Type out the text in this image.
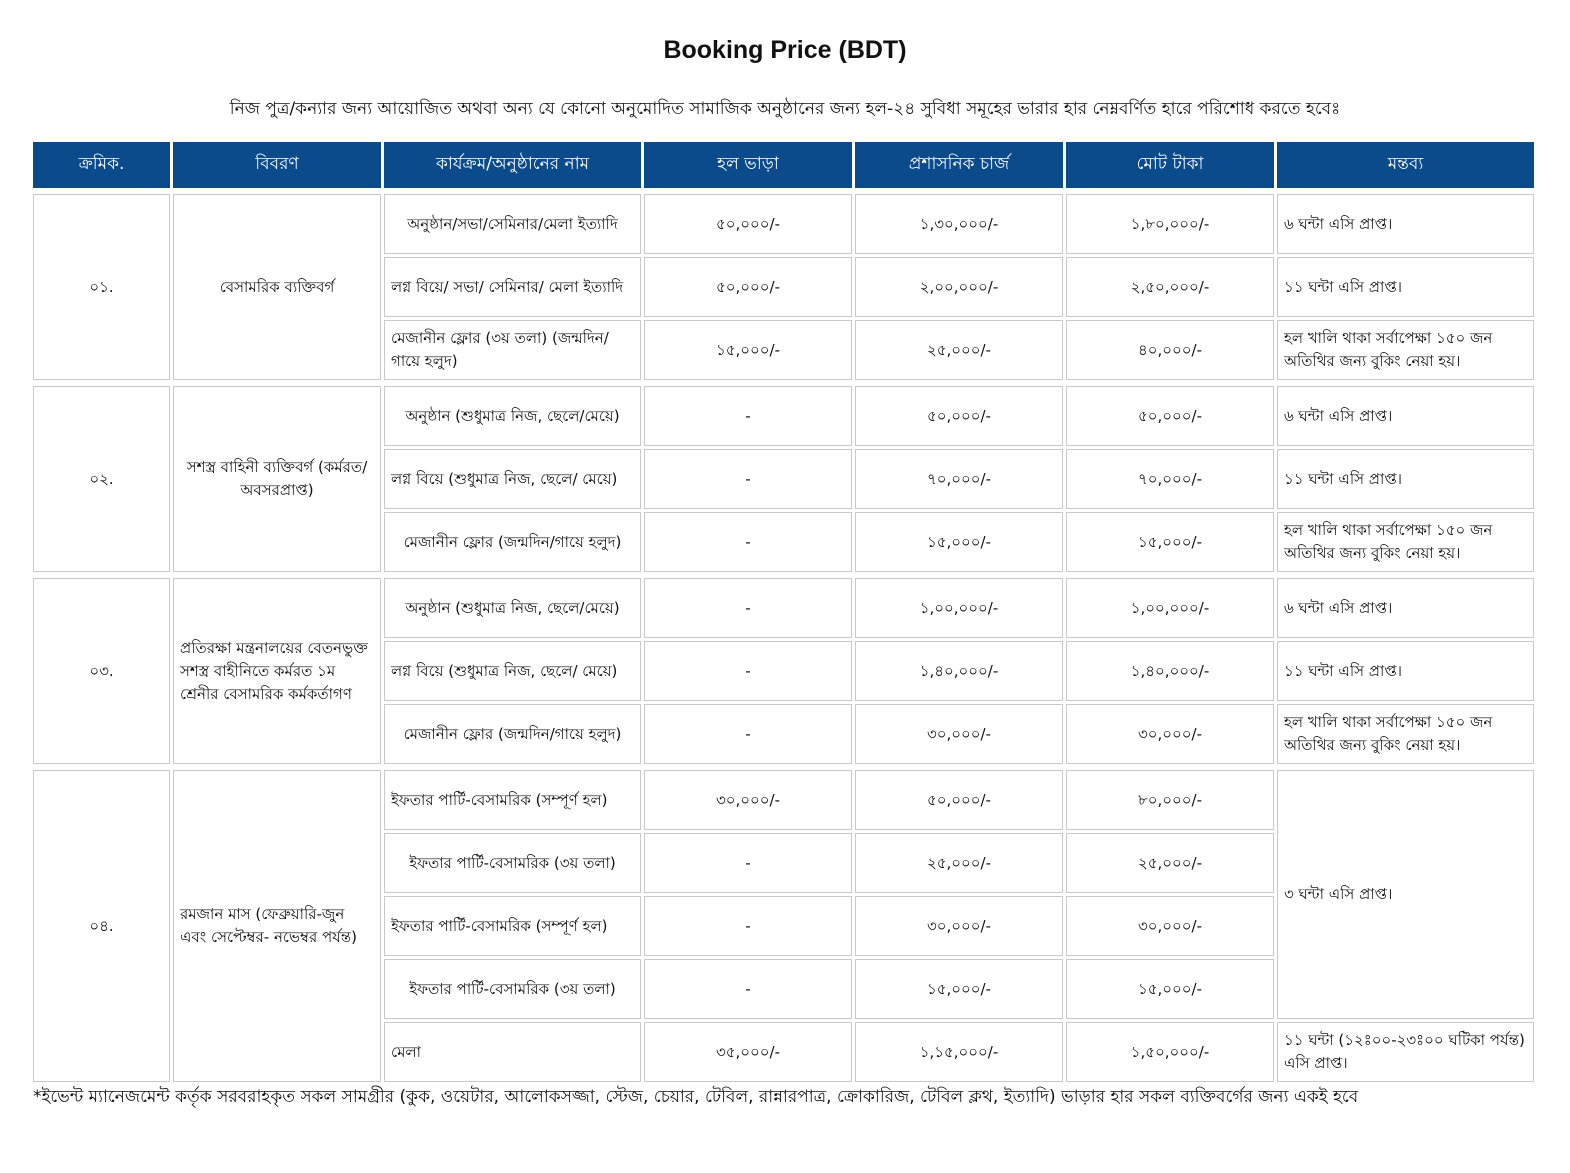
Booking Price (BDT)
নিজ পুত্র/কন্যার জন্য আয়োজিত অথবা অন্য যে কোনো অনুমোদিত সামাজিক অনুষ্ঠানের জন্য হল-২৪ সুবিধা সমূহের ভারার হার নেম্নবর্ণিত হারে পরিশোধ করতে হবেঃ
ক্রমিক.	বিবরণ	কার্যক্রম/অনুষ্ঠানের নাম	হল ভাড়া	প্রশাসনিক চার্জ	মোট টাকা	মন্তব্য

০১.	বেসামরিক ব্যক্তিবর্গ	অনুষ্ঠান/সভা/সেমিনার/মেলা ইত্যাদি	৫০,০০০/-	১,৩০,০০০/-	১,৮০,০০০/-	৬ ঘন্টা এসি প্রাপ্ত।
		লগ্ন বিয়ে/ সভা/ সেমিনার/ মেলা ইত্যাদি	৫০,০০০/-	২,০০,০০০/-	২,৫০,০০০/-	১১ ঘন্টা এসি প্রাপ্ত।
		মেজানীন ফ্লোর (৩য় তলা) (জন্মদিন/ গায়ে হলুদ)	১৫,০০০/-	২৫,০০০/-	৪০,০০০/-	হল খালি থাকা সর্বাপেক্ষা ১৫০ জন অতিথির জন্য বুকিং নেয়া হয়।

০২.	সশস্ত্র বাহিনী ব্যক্তিবর্গ (কর্মরত/ অবসরপ্রাপ্ত)	অনুষ্ঠান (শুধুমাত্র নিজ, ছেলে/মেয়ে)	-	৫০,০০০/-	৫০,০০০/-	৬ ঘন্টা এসি প্রাপ্ত।
		লগ্ন বিয়ে (শুধুমাত্র নিজ, ছেলে/ মেয়ে)	-	৭০,০০০/-	৭০,০০০/-	১১ ঘন্টা এসি প্রাপ্ত।
		মেজানীন ফ্লোর (জন্মদিন/গায়ে হলুদ)	-	১৫,০০০/-	১৫,০০০/-	হল খালি থাকা সর্বাপেক্ষা ১৫০ জন অতিথির জন্য বুকিং নেয়া হয়।

০৩.	প্রতিরক্ষা মন্ত্রনালয়ের বেতনভুক্ত সশস্ত্র বাহীনিতে কর্মরত ১ম শ্রেনীর বেসামরিক কর্মকর্তাগণ	অনুষ্ঠান (শুধুমাত্র নিজ, ছেলে/মেয়ে)	-	১,০০,০০০/-	১,০০,০০০/-	৬ ঘন্টা এসি প্রাপ্ত।
		লগ্ন বিয়ে (শুধুমাত্র নিজ, ছেলে/ মেয়ে)	-	১,৪০,০০০/-	১,৪০,০০০/-	১১ ঘন্টা এসি প্রাপ্ত।
		মেজানীন ফ্লোর (জন্মদিন/গায়ে হলুদ)	-	৩০,০০০/-	৩০,০০০/-	হল খালি থাকা সর্বাপেক্ষা ১৫০ জন অতিথির জন্য বুকিং নেয়া হয়।

০৪.	রমজান মাস (ফেব্রুয়ারি-জুন এবং সেপ্টেম্বর- নভেম্বর পর্যন্ত)	ইফতার পার্টি-বেসামরিক (সম্পূর্ণ হল)	৩০,০০০/-	৫০,০০০/-	৮০,০০০/-	৩ ঘন্টা এসি প্রাপ্ত।
		ইফতার পার্টি-বেসামরিক (৩য় তলা)	-	২৫,০০০/-	২৫,০০০/-	
		ইফতার পার্টি-বেসামরিক (সম্পূর্ণ হল)	-	৩০,০০০/-	৩০,০০০/-	
		ইফতার পার্টি-বেসামরিক (৩য় তলা)	-	১৫,০০০/-	১৫,০০০/-	
		মেলা	৩৫,০০০/-	১,১৫,০০০/-	১,৫০,০০০/-	১১ ঘন্টা (১২ঃ০০-২৩ঃ০০ ঘটিকা পর্যন্ত) এসি প্রাপ্ত।
*ইভেন্ট ম্যানেজমেন্ট কর্তৃক সরবরাহকৃত সকল সামগ্রীর (কুক, ওয়েটার, আলোকসজ্জা, স্টেজ, চেয়ার, টেবিল, রান্নারপাত্র, ক্রোকারিজ, টেবিল ক্লথ, ইত্যাদি) ভাড়ার হার সকল ব্যক্তিবর্গের জন্য একই হবে
